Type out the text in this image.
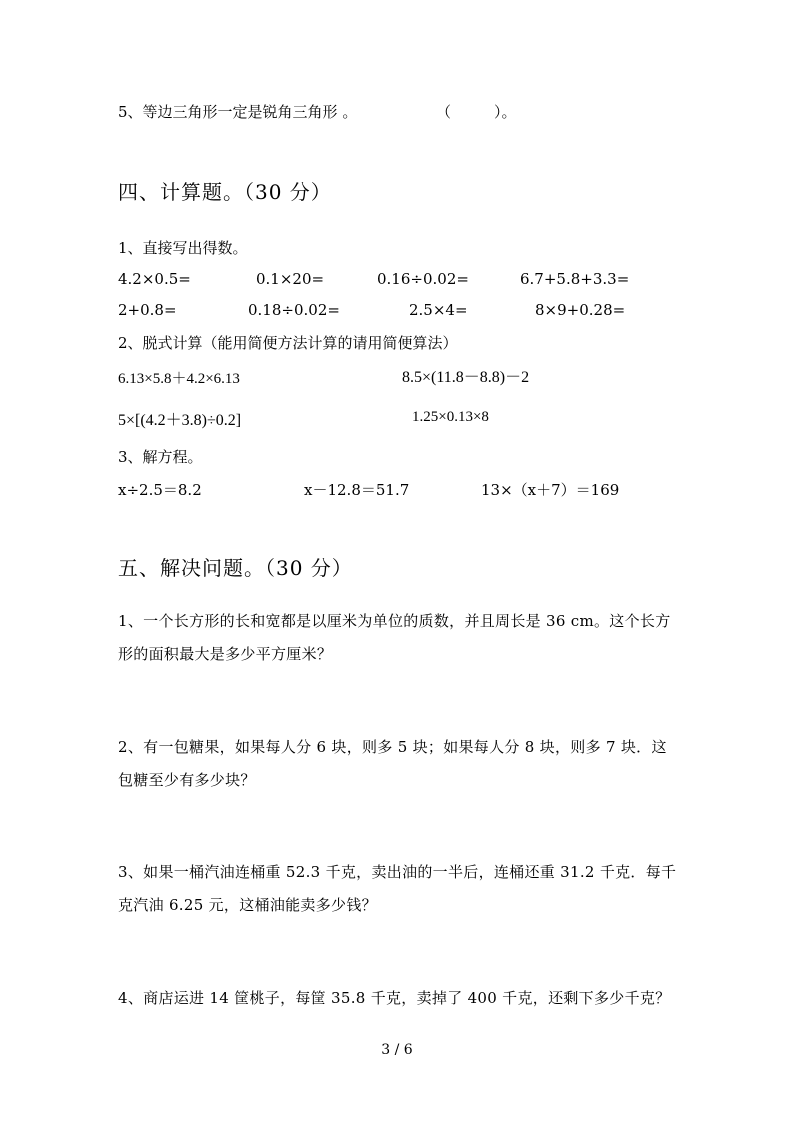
5、等边三角形一定是锐角三角形 。	（	）。
四、计算题。（30 分）
1、直接写出得数。
4.2×0.5=	0.1×20=	0.16÷0.02=	6.7+5.8+3.3=
2+0.8=	0.18÷0.02=	2.5×4=	8×9+0.28=
2、脱式计算（能用简便方法计算的请用简便算法）
6.13×5.8＋4.2×6.13	8.5×(11.8－8.8)－2
5×[(4.2＋3.8)÷0.2]	1.25×0.13×8
3、解方程。
x÷2.5＝8.2	x－12.8＝51.7	13×（x＋7）＝169
五、解决问题。（30 分）
1、一个长方形的长和宽都是以厘米为单位的质数，并且周长是 36 cm。这个长方形的面积最大是多少平方厘米？
2、有一包糖果，如果每人分 6 块，则多 5 块；如果每人分 8 块，则多 7 块．这包糖至少有多少块？
3、如果一桶汽油连桶重 52.3 千克，卖出油的一半后，连桶还重 31.2 千克．每千克汽油 6.25 元，这桶油能卖多少钱？
4、商店运进 14 筐桃子，每筐 35.8 千克，卖掉了 400 千克，还剩下多少千克？
3 / 6
